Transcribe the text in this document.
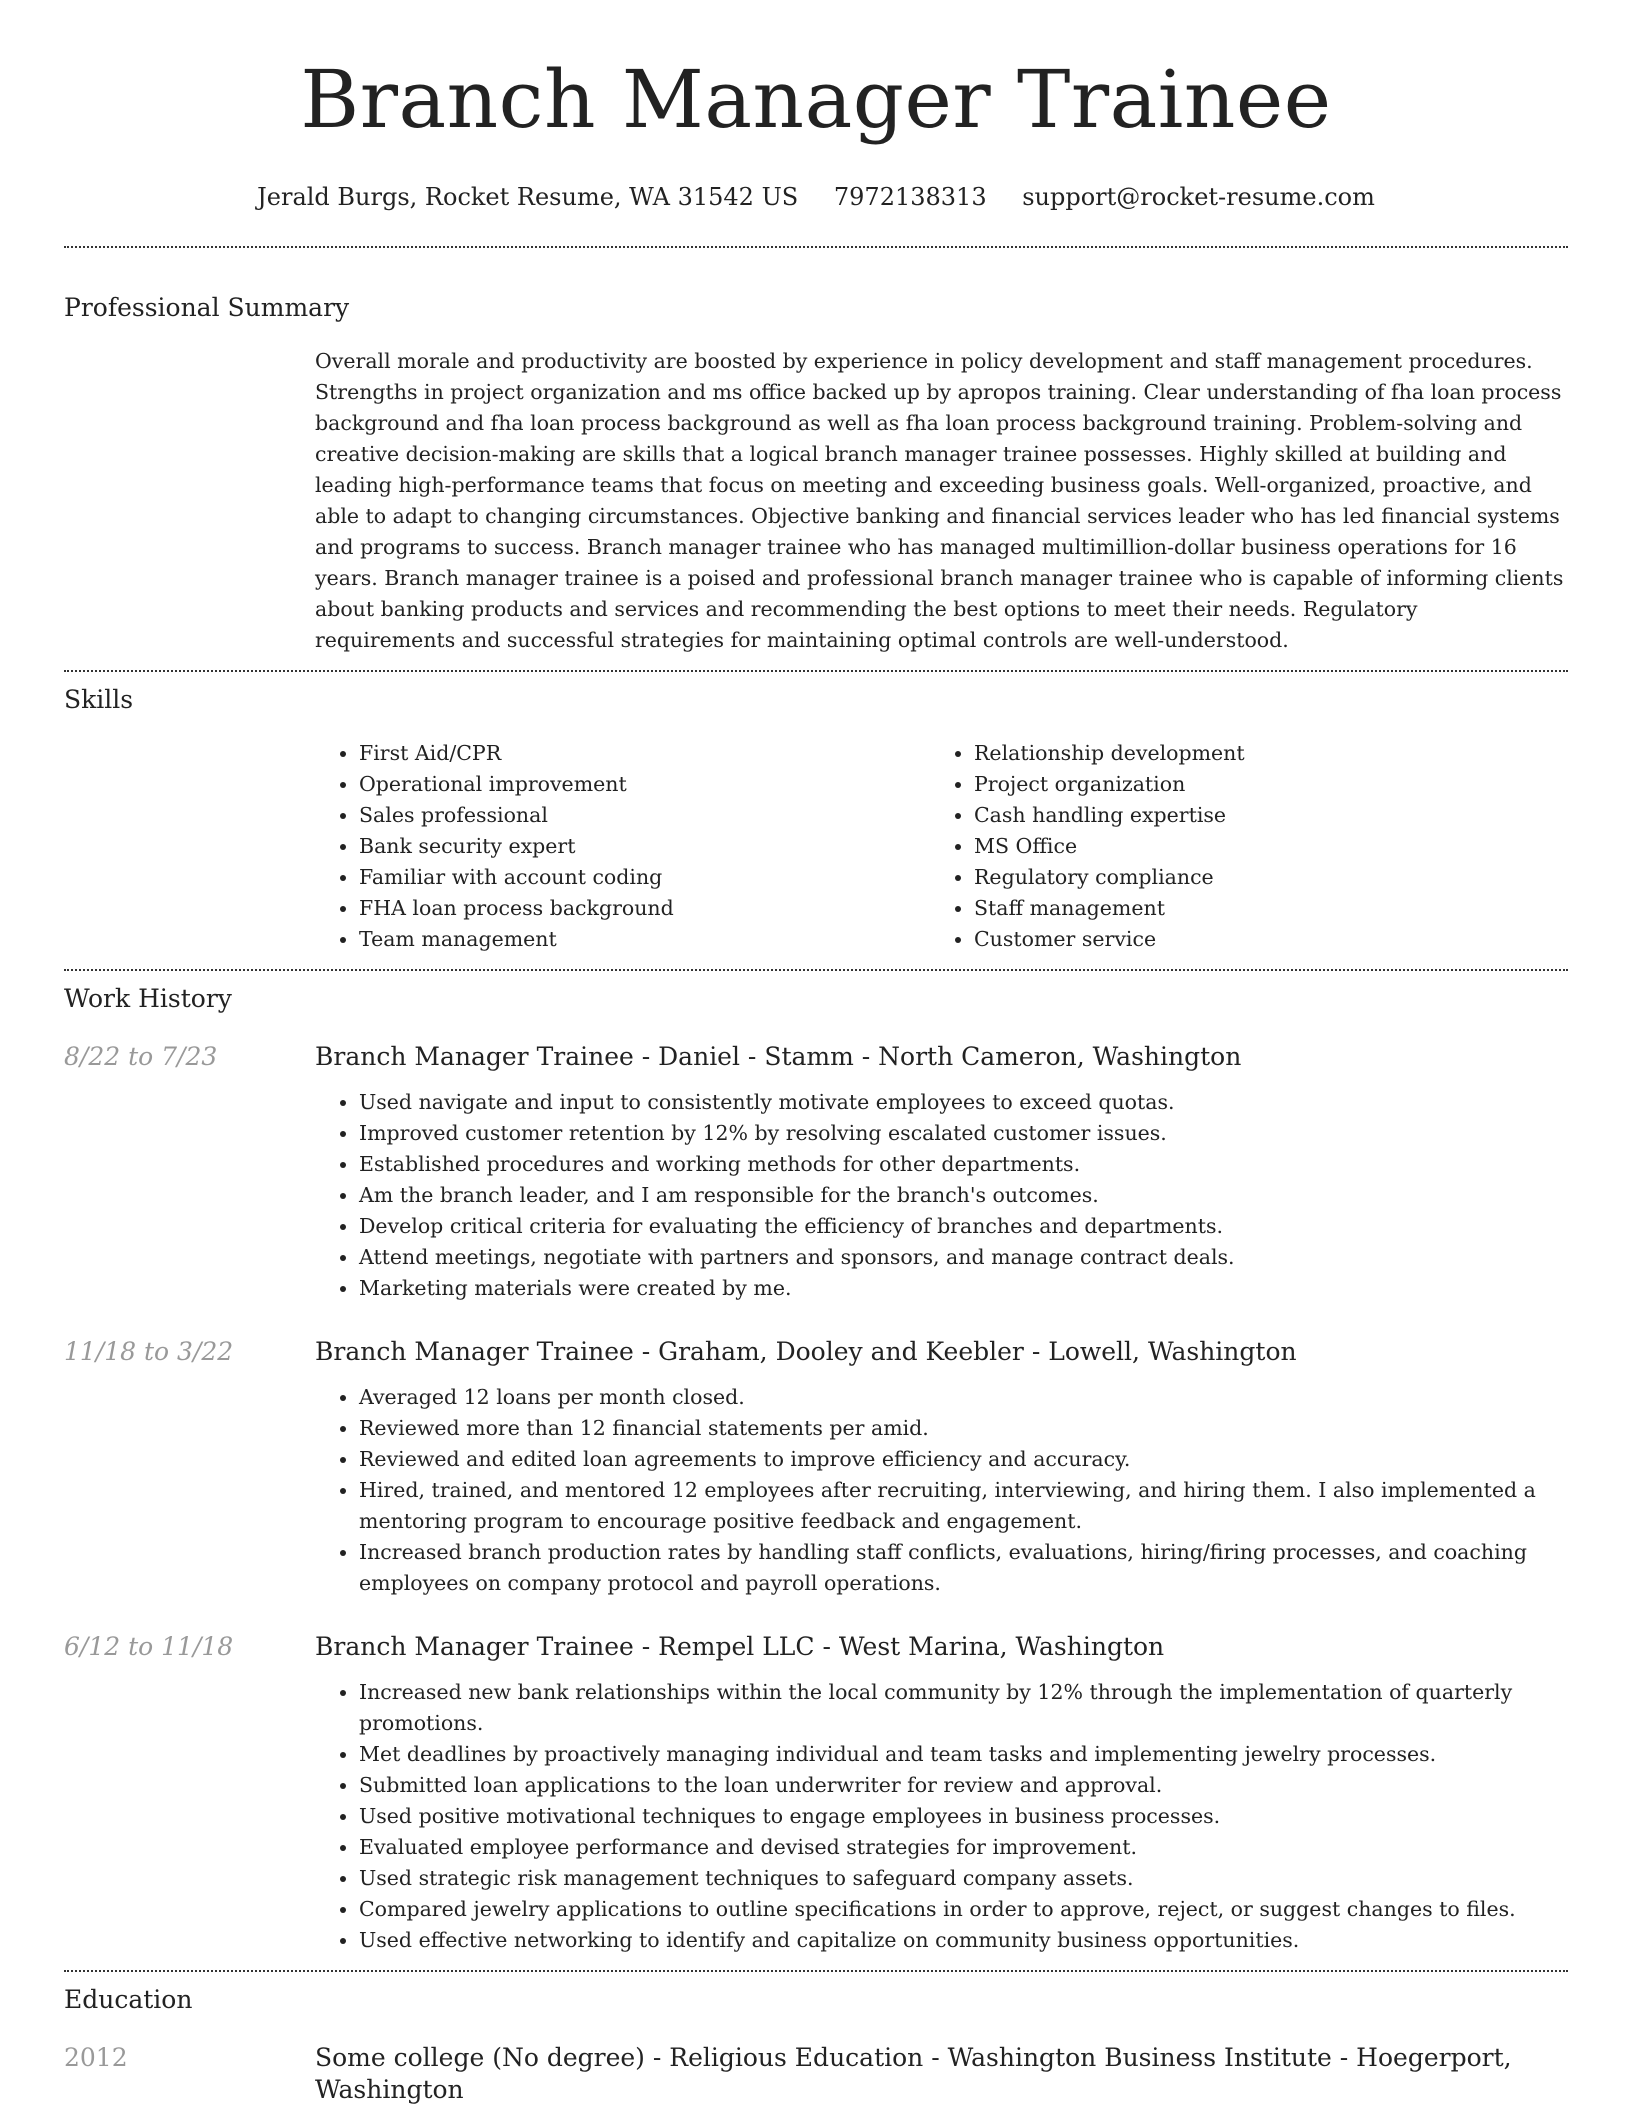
Branch Manager Trainee
Jerald Burgs, Rocket Resume, WA 31542 US 7972138313 support@rocket-resume.com
Professional Summary

Overall morale and productivity are boosted by experience in policy development and staff management procedures. Strengths in project organization and ms office backed up by apropos training. Clear understanding of fha loan process background and fha loan process background as well as fha loan process background training. Problem-solving and creative decision-making are skills that a logical branch manager trainee possesses. Highly skilled at building and leading high-performance teams that focus on meeting and exceeding business goals. Well-organized, proactive, and able to adapt to changing circumstances. Objective banking and financial services leader who has led financial systems and programs to success. Branch manager trainee who has managed multimillion-dollar business operations for 16 years. Branch manager trainee is a poised and professional branch manager trainee who is capable of informing clients about banking products and services and recommending the best options to meet their needs. Regulatory requirements and successful strategies for maintaining optimal controls are well-understood.

Skills
• First Aid/CPR
• Operational improvement
• Sales professional
• Bank security expert
• Familiar with account coding
• FHA loan process background
• Team management
• Relationship development
• Project organization
• Cash handling expertise
• MS Office
• Regulatory compliance
• Staff management
• Customer service
Work History
8/22 to 7/23	Branch Manager Trainee - Daniel - Stamm - North Cameron, Washington
• Used navigate and input to consistently motivate employees to exceed quotas.
• Improved customer retention by 12% by resolving escalated customer issues.
• Established procedures and working methods for other departments.
• Am the branch leader, and I am responsible for the branch's outcomes.
• Develop critical criteria for evaluating the efficiency of branches and departments.
• Attend meetings, negotiate with partners and sponsors, and manage contract deals.
• Marketing materials were created by me.
11/18 to 3/22	Branch Manager Trainee - Graham, Dooley and Keebler - Lowell, Washington
• Averaged 12 loans per month closed.
• Reviewed more than 12 financial statements per amid.
• Reviewed and edited loan agreements to improve efficiency and accuracy.
• Hired, trained, and mentored 12 employees after recruiting, interviewing, and hiring them. I also implemented a mentoring program to encourage positive feedback and engagement.
• Increased branch production rates by handling staff conflicts, evaluations, hiring/firing processes, and coaching employees on company protocol and payroll operations.
6/12 to 11/18	Branch Manager Trainee - Rempel LLC - West Marina, Washington
• Increased new bank relationships within the local community by 12% through the implementation of quarterly promotions.
• Met deadlines by proactively managing individual and team tasks and implementing jewelry processes.
• Submitted loan applications to the loan underwriter for review and approval.
• Used positive motivational techniques to engage employees in business processes.
• Evaluated employee performance and devised strategies for improvement.
• Used strategic risk management techniques to safeguard company assets.
• Compared jewelry applications to outline specifications in order to approve, reject, or suggest changes to files.
• Used effective networking to identify and capitalize on community business opportunities.
Education
2012	Some college (No degree) - Religious Education - Washington Business Institute - Hoegerport, Washington
